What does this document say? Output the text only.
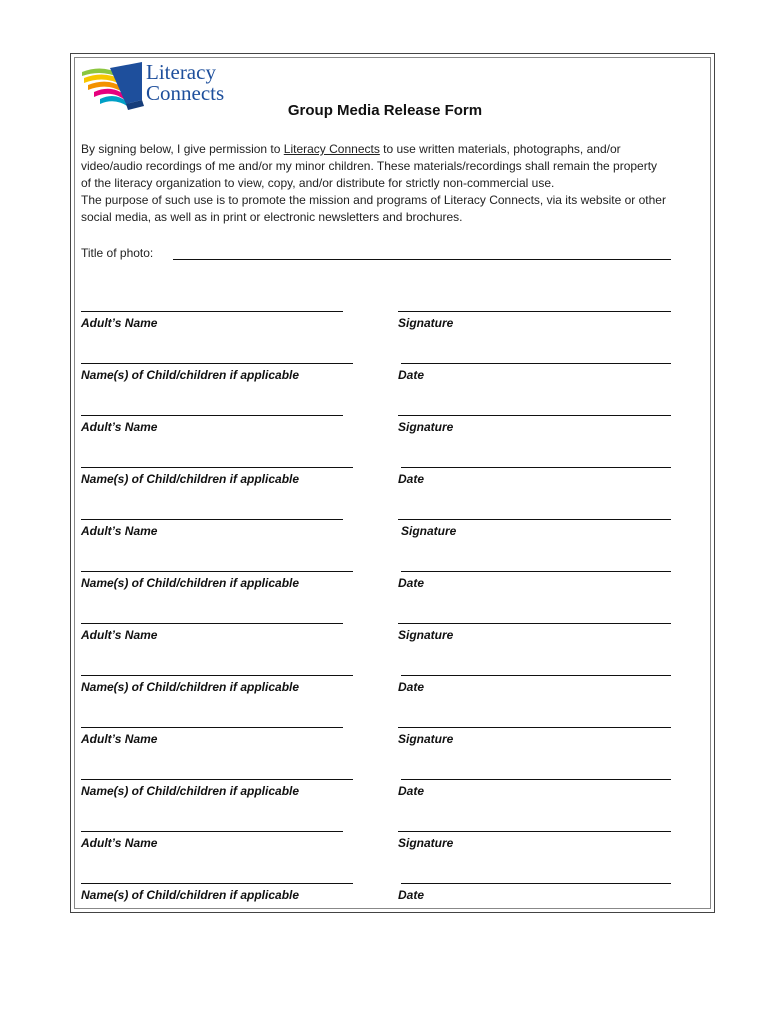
Literacy
Connects
Group Media Release Form
By signing below, I give permission to Literacy Connects to use written materials, photographs, and/or
video/audio recordings of me and/or my minor children. These materials/recordings shall remain the property
of the literacy organization to view, copy, and/or distribute for strictly non-commercial use.
The purpose of such use is to promote the mission and programs of Literacy Connects, via its website or other
social media, as well as in print or electronic newsletters and brochures.
Title of photo:
Adult’s Name	Signature
Name(s) of Child/children if applicable	Date
Adult’s Name	Signature
Name(s) of Child/children if applicable	Date
Adult’s Name	Signature
Name(s) of Child/children if applicable	Date
Adult’s Name	Signature
Name(s) of Child/children if applicable	Date
Adult’s Name	Signature
Name(s) of Child/children if applicable	Date
Adult’s Name	Signature
Name(s) of Child/children if applicable	Date
